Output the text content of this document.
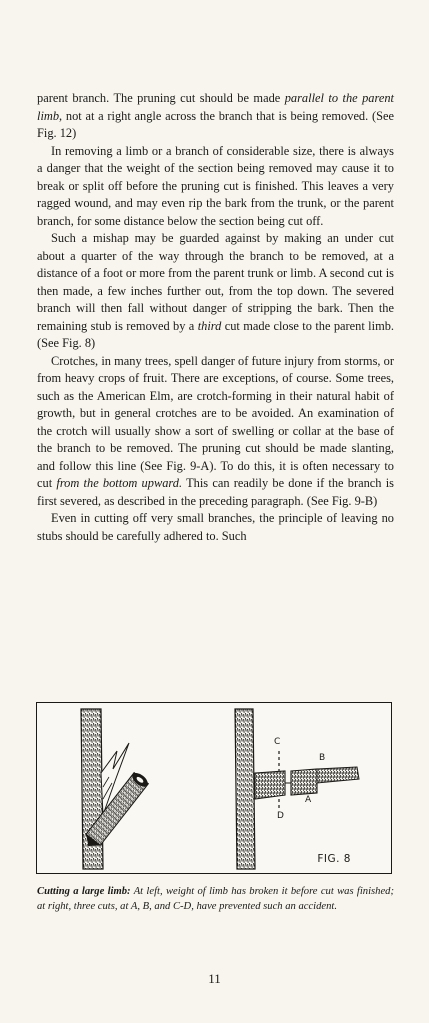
parent branch. The pruning cut should be made parallel to the parent limb, not at a right angle across the branch that is being removed. (See Fig. 12)

In removing a limb or a branch of considerable size, there is always a danger that the weight of the section being removed may cause it to break or split off before the pruning cut is finished. This leaves a very ragged wound, and may even rip the bark from the trunk, or the parent branch, for some distance below the section being cut off.

Such a mishap may be guarded against by making an under cut about a quarter of the way through the branch to be removed, at a distance of a foot or more from the parent trunk or limb. A second cut is then made, a few inches further out, from the top down. The severed branch will then fall without danger of stripping the bark. Then the remaining stub is removed by a third cut made close to the parent limb. (See Fig. 8)

Crotches, in many trees, spell danger of future injury from storms, or from heavy crops of fruit. There are exceptions, of course. Some trees, such as the American Elm, are crotch-forming in their natural habit of growth, but in general crotches are to be avoided. An examination of the crotch will usually show a sort of swelling or collar at the base of the branch to be removed. The pruning cut should be made slanting, and follow this line (See Fig. 9-A). To do this, it is often necessary to cut from the bottom upward. This can readily be done if the branch is first severed, as described in the preceding paragraph. (See Fig. 9-B)

Even in cutting off very small branches, the principle of leaving no stubs should be carefully adhered to. Such

C
B
A
D
FIG. 8
Cutting a large limb: At left, weight of limb has broken it before cut was finished; at right, three cuts, at A, B, and C-D, have prevented such an accident.
11
